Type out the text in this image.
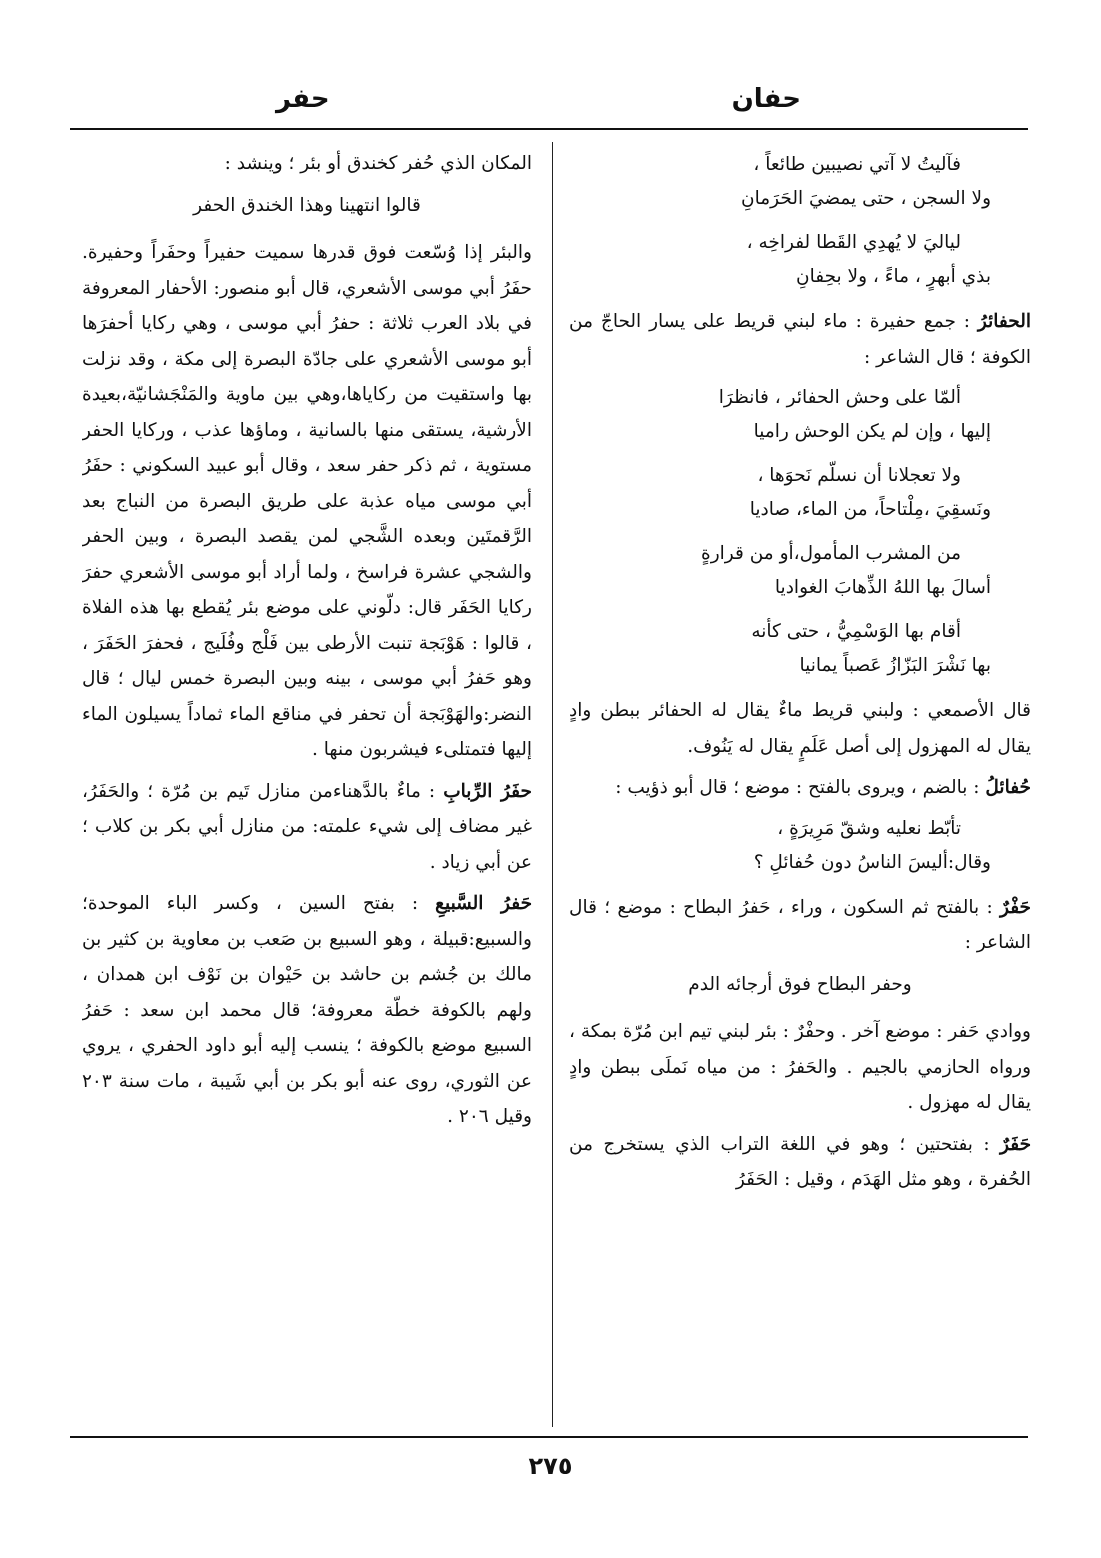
حفان
حفر
فآليتُ لا آتي نصيبين طائعاً ،
ولا السجن ، حتى يمضيَ الحَرَمانِ
لياليَ لا يُهدِي القَطا لفراخِه ،
بذي أبهرٍ ، ماءً ، ولا بحِفانِ

الحفائرُ : جمع حفيرة : ماء لبني قريط على يسار الحاجّ من الكوفة ؛ قال الشاعر :

ألمّا على وحش الحفائر ، فانظرَا
إليها ، وإن لم يكن الوحش راميا
ولا تعجلانا أن نسلّم نَحوَها ،
ونَسقِيَ ،مِلْتاحاً، من الماء، صاديا
من المشرب المأمول،أو من قرارةٍ
أسالَ بها اللهُ الذِّهابَ الغواديا
أقام بها الوَسْمِيُّ ، حتى كأنه
بها نَشْرَ البَزّازُ عَصباً يمانيا

قال الأصمعي : ولبني قريط ماءٌ يقال له الحفائر ببطن وادٍ يقال له المهزول إلى أصل عَلَمٍ يقال له يَنُوف.

حُفائلُ : بالضم ، ويروى بالفتح : موضع ؛ قال أبو ذؤيب :

تأبّط نعليه وشقّ مَرِيرَةٍ ،
وقال:أليسَ الناسُ دون حُفائلِ ؟

حَفْرٌ : بالفتح ثم السكون ، وراء ، حَفرُ البطاح : موضع ؛ قال الشاعر :

وحفر البطاح فوق أرجائه الدم

ووادي حَفر : موضع آخر . وحفْرٌ : بئر لبني تيم ابن مُرّة بمكة ، ورواه الحازمي بالجيم . والحَفرُ : من مياه نَملَى ببطن وادٍ يقال له مهزول .

حَفَرٌ : بفتحتين ؛ وهو في اللغة التراب الذي يستخرج من الحُفرة ، وهو مثل الهَدَم ، وقيل : الحَفَرُ

المكان الذي حُفر كخندق أو بئر ؛ وينشد :

قالوا انتهينا وهذا الخندق الحفر

والبئر إذا وُسّعت فوق قدرها سميت حفيراً وحفَراً وحفيرة. حفَرُ أبي موسى الأشعري، قال أبو منصور: الأحفار المعروفة في بلاد العرب ثلاثة : حفرُ أبي موسى ، وهي ركايا أحفرَها أبو موسى الأشعري على جادّة البصرة إلى مكة ، وقد نزلت بها واستقيت من ركاياها،وهي بين ماوية والمَنْجَشانيّة،بعيدة الأرشية، يستقى منها بالسانية ، وماؤها عذب ، وركايا الحفر مستوية ، ثم ذكر حفر سعد ، وقال أبو عبيد السكوني : حفَرُ أبي موسى مياه عذبة على طريق البصرة من النباج بعد الرَّقمتَين وبعده الشَّجي لمن يقصد البصرة ، وبين الحفر والشجي عشرة فراسخ ، ولما أراد أبو موسى الأشعري حفرَ ركايا الحَفَر قال: دلّوني على موضع بئر يُقطع بها هذه الفلاة ، قالوا : هَوْبَجة تنبت الأرطى بين فَلْج وفُلَيج ، فحفرَ الحَفَرَ ، وهو حَفرُ أبي موسى ، بينه وبين البصرة خمس ليال ؛ قال النضر:والهَوْبَجة أن تحفر في مناقع الماء ثماداً يسيلون الماء إليها فتمتلىء فيشربون منها .

حفَرُ الرِّبابِ : ماءٌ بالدَّهناءمن منازل تَيم بن مُرّة ؛ والحَفَرُ، غير مضاف إلى شيء علمته: من منازل أبي بكر بن كلاب ؛ عن أبي زياد .

حَفرُ السَّبيعِ : بفتح السين ، وكسر الباء الموحدة؛ والسبيع:قبيلة ، وهو السبيع بن صَعب بن معاوية بن كثير بن مالك بن جُشم بن حاشد بن حَيْوان بن نَوْف ابن همدان ، ولهم بالكوفة خطّة معروفة؛ قال محمد ابن سعد : حَفرُ السبيع موضع بالكوفة ؛ ينسب إليه أبو داود الحفري ، يروي عن الثوري، روى عنه أبو بكر بن أبي شَيبة ، مات سنة ٢٠٣ وقيل ٢٠٦ .

٢٧٥
